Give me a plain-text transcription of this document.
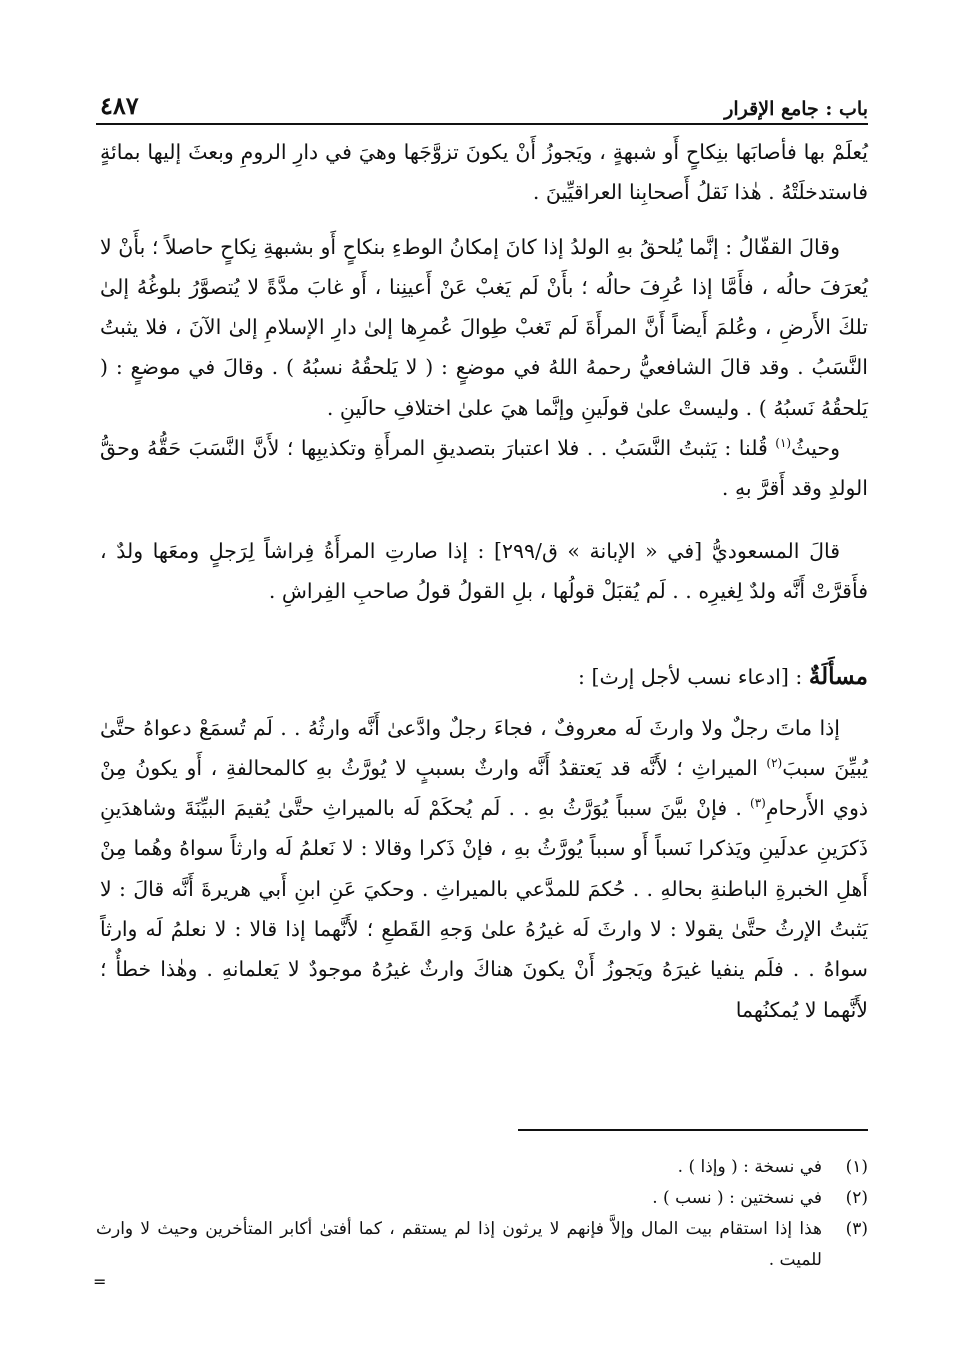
باب : جامع الإقرار
٤٨٧

يُعلَمْ بها فأصابَها بنِكاحٍ أَو شبهةٍ ، ويَجوزُ أَنْ يكونَ تزوَّجَها وهيَ في دارِ الرومِ وبعثَ إليها بمائةٍ فاستدخلَتْهُ . هٰذا نَقلُ أَصحابِنا العراقيِّينَ .

وقالَ القفّالُ : إنَّما يُلحقُ بهِ الولدُ إذا كانَ إمكانُ الوطءِ بنكاحٍ أَو بشبهةِ نِكاحٍ حاصلاً ؛ بأَنْ لا يُعرَفَ حالُه ، فأَمَّا إذا عُرِفَ حالُه ؛ بأَنْ لَم يَغبْ عَنْ أَعينِنا ، أَو غابَ مدَّةً لا يُتصوَّرُ بلوغُهُ إلىٰ تلكَ الأَرضِ ، وعُلمَ أَيضاً أَنَّ المرأَةَ لَم تَغبْ طِوالَ عُمرِها إلىٰ دارِ الإسلامِ إلىٰ الآنَ ، فلا يثبتُ النَّسَبُ . وقد قالَ الشافعيُّ رحمهُ اللهُ في موضعٍ : ( لا يَلحقُهُ نسبُهُ ) . وقالَ في موضعٍ : ( يَلحقُهُ نَسبُهُ ) . وليستْ علىٰ قولَينِ وإنَّما هيَ علىٰ اختلافِ حالَينِ .

وحيثُ$^{(١)}$ قُلنا : يَثبتُ النَّسَبُ . . فلا اعتبارَ بتصديقِ المرأَةِ وتكذيبِها ؛ لأَنَّ النَّسَبَ حَقُّهُ وحقُّ الولدِ وقد أَقرَّ بهِ .

قالَ المسعوديُّ [في « الإبانة » ق/٢٩٩] : إذا صارتِ المرأَةُ فِراشاً لِرَجلٍ ومعَها ولدٌ ، فأَقرَّتْ أَنَّه ولدٌ لِغيرِه . . لَم يُقبَلْ قولُها ، بلِ القولُ قولُ صاحبِ الفِراشِ .

مسأَلَةٌ : [ادعاء نسب لأجل إرث] :

إذا ماتَ رجلٌ ولا وارثَ لَه معروفٌ ، فجاءَ رجلٌ وادَّعىٰ أَنَّه وارثُهُ . . لَم تُسمَعْ دعواهُ حتَّىٰ يُبيِّنَ سببَ$^{(٢)}$ الميراثِ ؛ لأَنَّه قد يَعتقدُ أَنَّه وارثٌ بسببٍ لا يُورَّثُ بهِ كالمحالفةِ ، أَو يكونُ مِنْ ذوي الأَرحامِ$^{(٣)}$ . فإنْ بيَّنَ سبباً يُوَرَّثُ بهِ . . لَم يُحكَمْ لَه بالميراثِ حتَّىٰ يُقيمَ البيِّنَةَ وشاهدَينِ ذَكرَينِ عدلَينِ ويَذكرا نَسباً أَو سبباً يُورَّثُ بهِ ، فإنْ ذَكرا وقالا : لا نَعلمُ لَه وارثاً سواهُ وهُما مِنْ أَهلِ الخبرةِ الباطنةِ بحالهِ . . حُكمَ للمدَّعي بالميراثِ . وحكيَ عَنِ ابنِ أَبي هريرةَ أَنَّه قالَ : لا يَثبتُ الإرثُ حتَّىٰ يقولا : لا وارثَ لَه غيرُهُ علىٰ وَجهِ القَطعِ ؛ لأَنَّهما إذا قالا : لا نعلمُ لَه وارثاً سواهُ . . فلَم ينفيا غيرَهُ ويَجوزُ أَنْ يكونَ هناكَ وارثٌ غيرُهُ موجودٌ لا يَعلمانهِ . وهٰذا خطأٌ ؛ لأَنَّهما لا يُمكنُهما

(١)
في نسخة : ( وإذا ) .
(٢)
في نسختين : ( نسب ) .
(٣)
هذا إذا استقام بيت المال وإلاَّ فإنهم لا يرثون إذا لم يستقم ، كما أفتىٰ أكابر المتأخرين وحيث لا وارث للميت .
=
